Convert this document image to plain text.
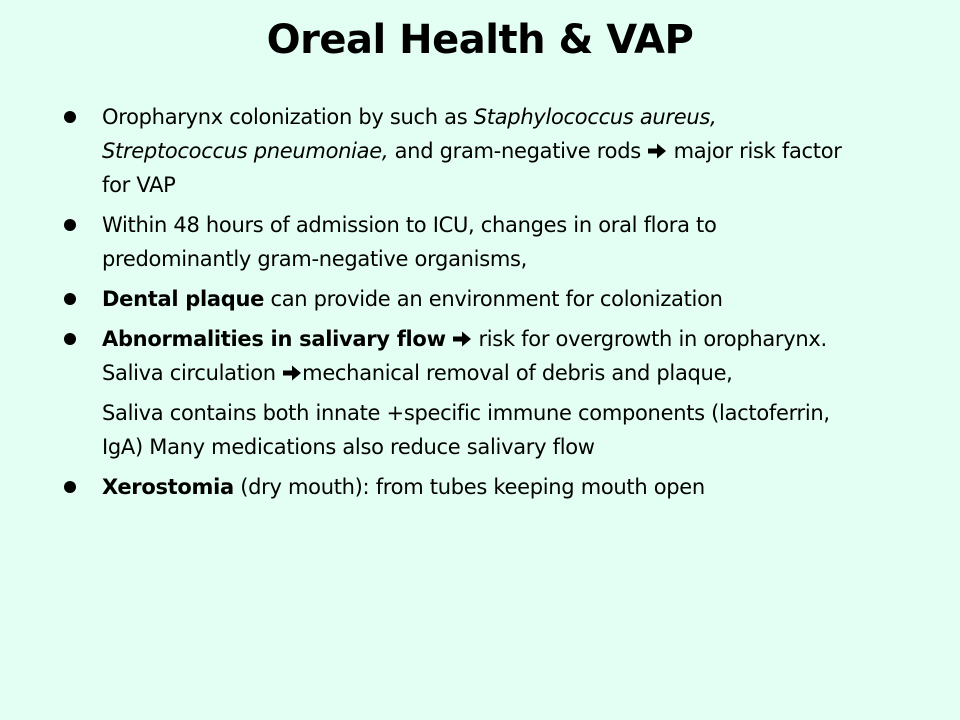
Oreal Health & VAP
Oropharynx colonization by such as Staphylococcus aureus, Streptococcus pneumoniae, and gram-negative rods  major risk factor for VAP
Within 48 hours of admission to ICU, changes in oral flora to predominantly gram-negative organisms,
Dental plaque can provide an environment for colonization
Abnormalities in salivary flow  risk for overgrowth in oropharynx. Saliva circulation mechanical removal of debris and plaque,
Saliva contains both innate +specific immune components (lactoferrin, IgA) Many medications also reduce salivary flow
Xerostomia (dry mouth): from tubes keeping mouth open
